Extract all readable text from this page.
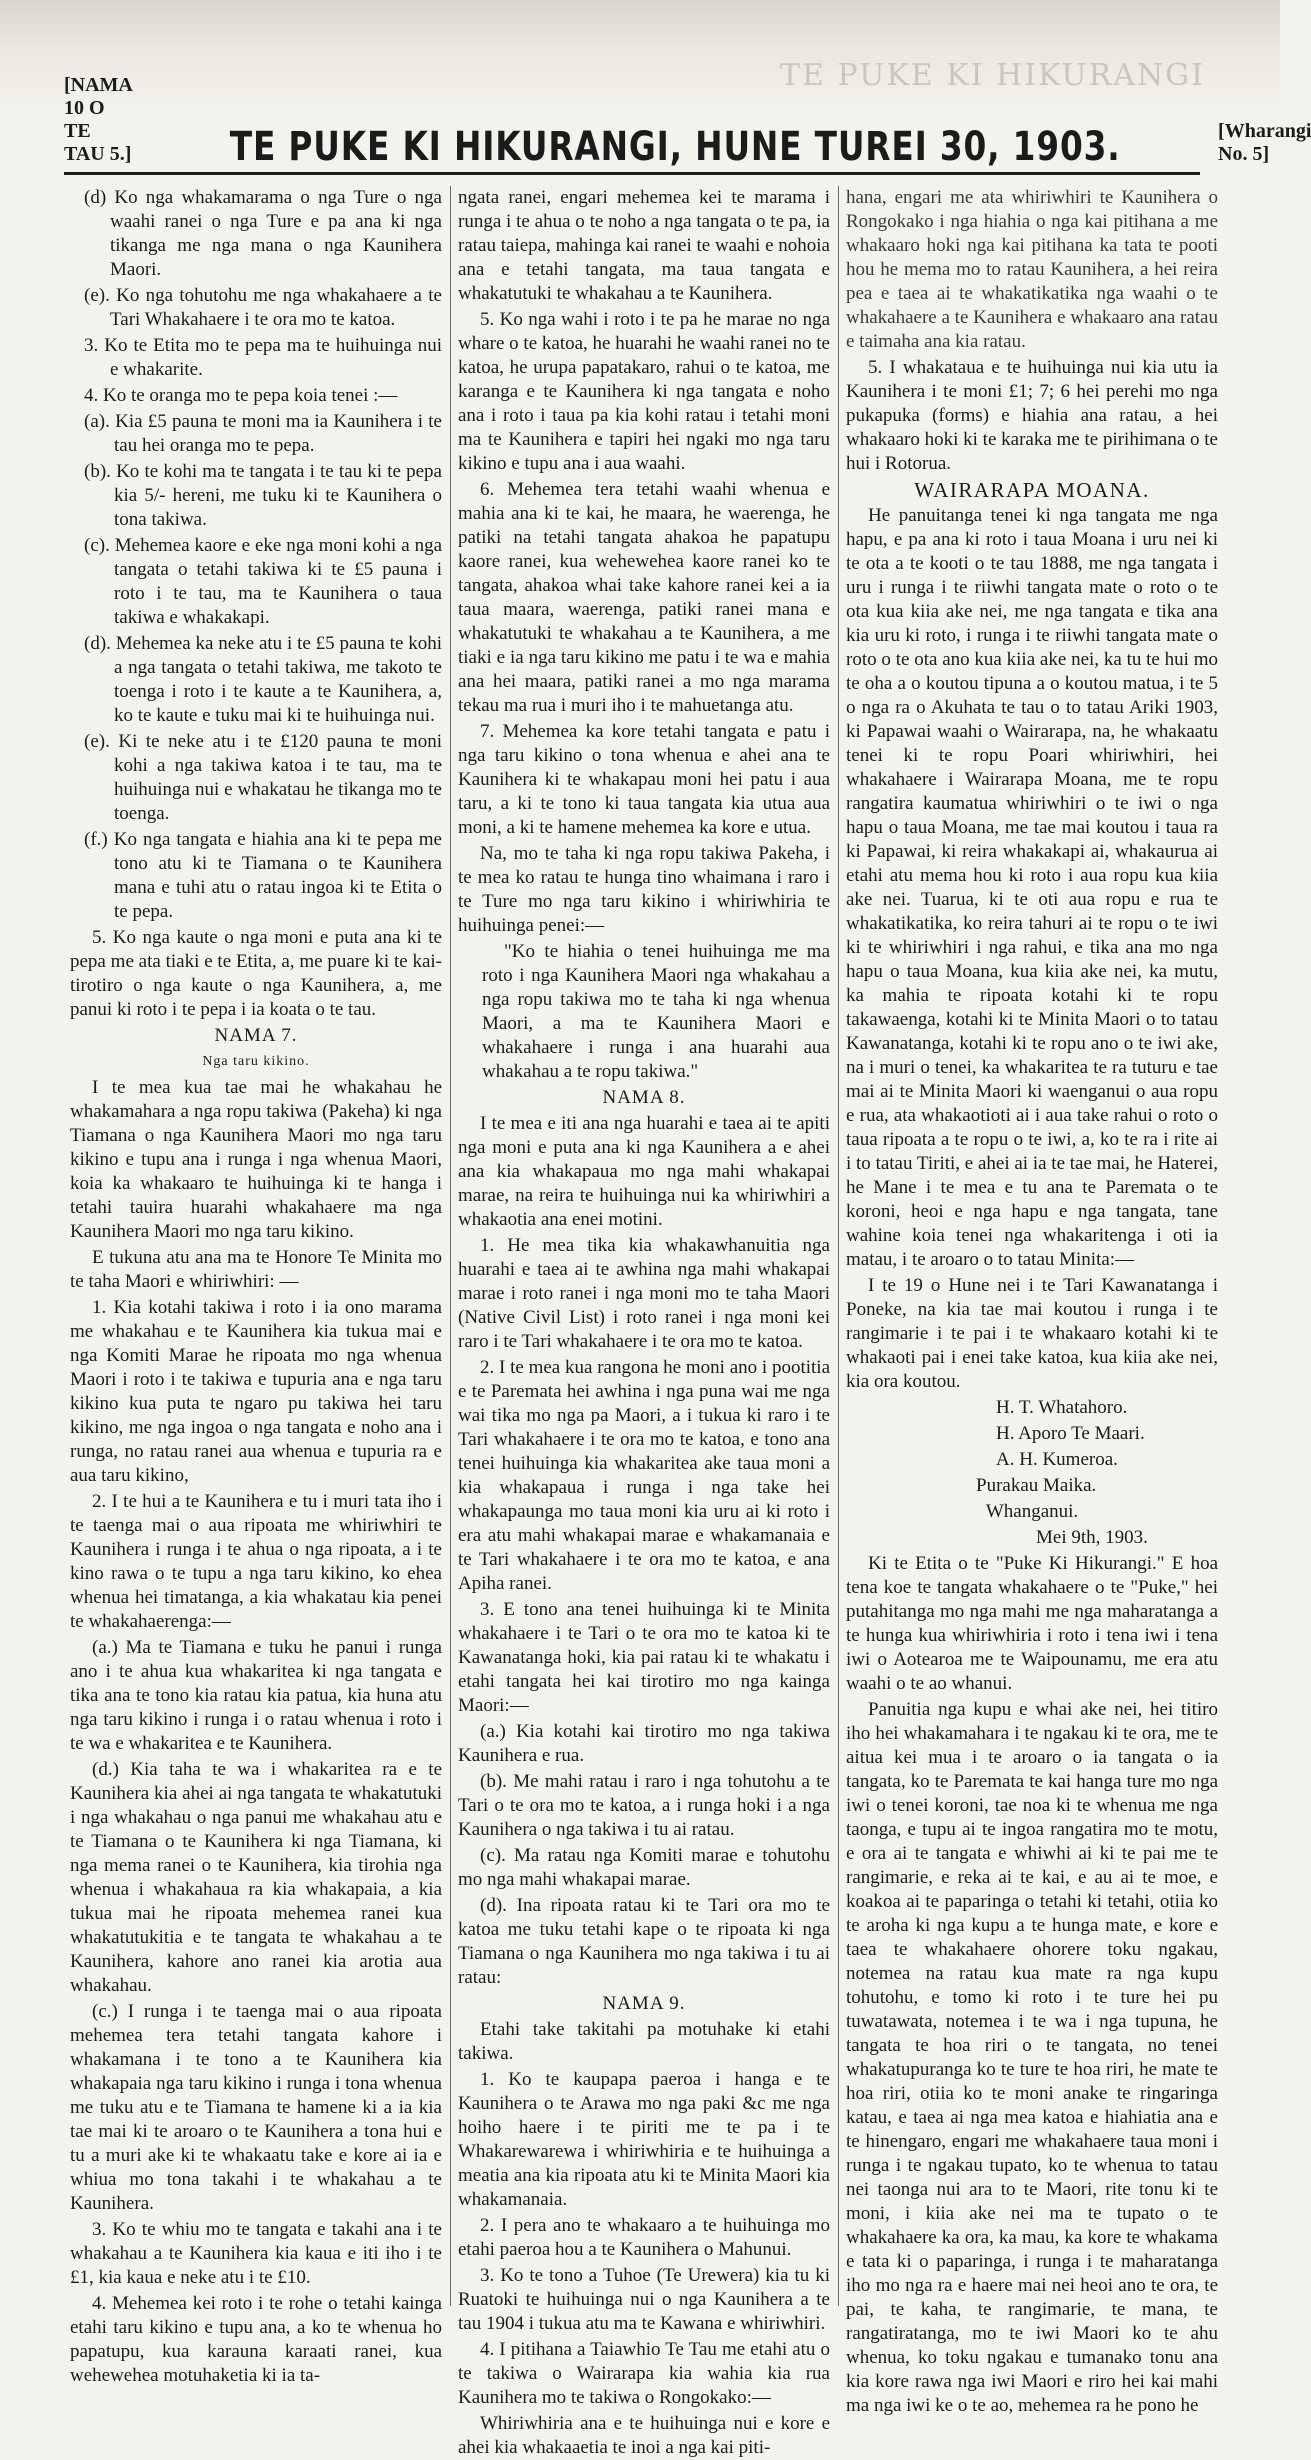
TE PUKE KI HIKURANGI
[NAMA 10 O TE TAU 5.] TE PUKE KI HIKURANGI, HUNE TUREI 30, 1903.	[Wharangi No. 5]

(d) Ko nga whakamarama o nga Ture o nga waahi ranei o nga Ture e pa ana ki nga tikanga me nga mana o nga Kaunihera Maori.

(e). Ko nga tohutohu me nga whakahaere a te Tari Whakahaere i te ora mo te katoa.

3. Ko te Etita mo te pepa ma te huihuinga nui e whakarite.

4. Ko te oranga mo te pepa koia tenei :—

(a). Kia £5 pauna te moni ma ia Kaunihera i te tau hei oranga mo te pepa.

(b). Ko te kohi ma te tangata i te tau ki te pepa kia 5/- hereni, me tuku ki te Kaunihera o tona takiwa.

(c). Mehemea kaore e eke nga moni kohi a nga tangata o tetahi takiwa ki te £5 pauna i roto i te tau, ma te Kaunihera o taua takiwa e whakakapi.

(d). Mehemea ka neke atu i te £5 pauna te kohi a nga tangata o tetahi takiwa, me takoto te toenga i roto i te kaute a te Kaunihera, a, ko te kaute e tuku mai ki te huihuinga nui.

(e). Ki te neke atu i te £120 pauna te moni kohi a nga takiwa katoa i te tau, ma te huihuinga nui e whakatau he tikanga mo te toenga.

(f.) Ko nga tangata e hiahia ana ki te pepa me tono atu ki te Tiamana o te Kaunihera mana e tuhi atu o ratau ingoa ki te Etita o te pepa.

5. Ko nga kaute o nga moni e puta ana ki te pepa me ata tiaki e te Etita, a, me puare ki te kai-tirotiro o nga kaute o nga Kaunihera, a, me panui ki roto i te pepa i ia koata o te tau.

NAMA 7.

Nga taru kikino.

I te mea kua tae mai he whakahau he whakamahara a nga ropu takiwa (Pakeha) ki nga Tiamana o nga Kaunihera Maori mo nga taru kikino e tupu ana i runga i nga whenua Maori, koia ka whakaaro te huihuinga ki te hanga i tetahi tauira huarahi whakahaere ma nga Kaunihera Maori mo nga taru kikino.

E tukuna atu ana ma te Honore Te Minita mo te taha Maori e whiriwhiri: —

1. Kia kotahi takiwa i roto i ia ono marama me whakahau e te Kaunihera kia tukua mai e nga Komiti Marae he ripoata mo nga whenua Maori i roto i te takiwa e tupuria ana e nga taru kikino kua puta te ngaro pu takiwa hei taru kikino, me nga ingoa o nga tangata e noho ana i runga, no ratau ranei aua whenua e tupuria ra e aua taru kikino,

2. I te hui a te Kaunihera e tu i muri tata iho i te taenga mai o aua ripoata me whiriwhiri te Kaunihera i runga i te ahua o nga ripoata, a i te kino rawa o te tupu a nga taru kikino, ko ehea whenua hei timatanga, a kia whakatau kia penei te whakahaerenga:—

(a.) Ma te Tiamana e tuku he panui i runga ano i te ahua kua whakaritea ki nga tangata e tika ana te tono kia ratau kia patua, kia huna atu nga taru kikino i runga i o ratau whenua i roto i te wa e whakaritea e te Kaunihera.

(d.) Kia taha te wa i whakaritea ra e te Kaunihera kia ahei ai nga tangata te whakatutuki i nga whakahau o nga panui me whakahau atu e te Tiamana o te Kaunihera ki nga Tiamana, ki nga mema ranei o te Kaunihera, kia tirohia nga whenua i whakahaua ra kia whakapaia, a kia tukua mai he ripoata mehemea ranei kua whakatutukitia e te tangata te whakahau a te Kaunihera, kahore ano ranei kia arotia aua whakahau.

(c.) I runga i te taenga mai o aua ripoata mehemea tera tetahi tangata kahore i whakamana i te tono a te Kaunihera kia whakapaia nga taru kikino i runga i tona whenua me tuku atu e te Tiamana te hamene ki a ia kia tae mai ki te aroaro o te Kaunihera a tona hui e tu a muri ake ki te whakaatu take e kore ai ia e whiua mo tona takahi i te whakahau a te Kaunihera.

3. Ko te whiu mo te tangata e takahi ana i te whakahau a te Kaunihera kia kaua e iti iho i te £1, kia kaua e neke atu i te £10.

4. Mehemea kei roto i te rohe o tetahi kainga etahi taru kikino e tupu ana, a ko te whenua ho papatupu, kua karauna karaati ranei, kua wehewehea motuhaketia ki ia ta-

ngata ranei, engari mehemea kei te marama i runga i te ahua o te noho a nga tangata o te pa, ia ratau taiepa, mahinga kai ranei te waahi e nohoia ana e tetahi tangata, ma taua tangata e whakatutuki te whakahau a te Kaunihera.

5. Ko nga wahi i roto i te pa he marae no nga whare o te katoa, he huarahi he waahi ranei no te katoa, he urupa papatakaro, rahui o te katoa, me karanga e te Kaunihera ki nga tangata e noho ana i roto i taua pa kia kohi ratau i tetahi moni ma te Kaunihera e tapiri hei ngaki mo nga taru kikino e tupu ana i aua waahi.

6. Mehemea tera tetahi waahi whenua e mahia ana ki te kai, he maara, he waerenga, he patiki na tetahi tangata ahakoa he papatupu kaore ranei, kua wehewehea kaore ranei ko te tangata, ahakoa whai take kahore ranei kei a ia taua maara, waerenga, patiki ranei mana e whakatutuki te whakahau a te Kaunihera, a me tiaki e ia nga taru kikino me patu i te wa e mahia ana hei maara, patiki ranei a mo nga marama tekau ma rua i muri iho i te mahuetanga atu.

7. Mehemea ka kore tetahi tangata e patu i nga taru kikino o tona whenua e ahei ana te Kaunihera ki te whakapau moni hei patu i aua taru, a ki te tono ki taua tangata kia utua aua moni, a ki te hamene mehemea ka kore e utua.

Na, mo te taha ki nga ropu takiwa Pakeha, i te mea ko ratau te hunga tino whaimana i raro i te Ture mo nga taru kikino i whiriwhiria te huihuinga penei:—

"Ko te hiahia o tenei huihuinga me ma roto i nga Kaunihera Maori nga whakahau a nga ropu takiwa mo te taha ki nga whenua Maori, a ma te Kaunihera Maori e whakahaere i runga i ana huarahi aua whakahau a te ropu takiwa."

NAMA 8.

I te mea e iti ana nga huarahi e taea ai te apiti nga moni e puta ana ki nga Kaunihera a e ahei ana kia whakapaua mo nga mahi whakapai marae, na reira te huihuinga nui ka whiriwhiri a whakaotia ana enei motini.

1. He mea tika kia whakawhanuitia nga huarahi e taea ai te awhina nga mahi whakapai marae i roto ranei i nga moni mo te taha Maori (Native Civil List) i roto ranei i nga moni kei raro i te Tari whakahaere i te ora mo te katoa.

2. I te mea kua rangona he moni ano i pootitia e te Paremata hei awhina i nga puna wai me nga wai tika mo nga pa Maori, a i tukua ki raro i te Tari whakahaere i te ora mo te katoa, e tono ana tenei huihuinga kia whakaritea ake taua moni a kia whakapaua i runga i nga take hei whakapaunga mo taua moni kia uru ai ki roto i era atu mahi whakapai marae e whakamanaia e te Tari whakahaere i te ora mo te katoa, e ana Apiha ranei.

3. E tono ana tenei huihuinga ki te Minita whakahaere i te Tari o te ora mo te katoa ki te Kawanatanga hoki, kia pai ratau ki te whakatu i etahi tangata hei kai tirotiro mo nga kainga Maori:—

(a.) Kia kotahi kai tirotiro mo nga takiwa Kaunihera e rua.

(b). Me mahi ratau i raro i nga tohutohu a te Tari o te ora mo te katoa, a i runga hoki i a nga Kaunihera o nga takiwa i tu ai ratau.

(c). Ma ratau nga Komiti marae e tohutohu mo nga mahi whakapai marae.

(d). Ina ripoata ratau ki te Tari ora mo te katoa me tuku tetahi kape o te ripoata ki nga Tiamana o nga Kaunihera mo nga takiwa i tu ai ratau:

NAMA 9.

Etahi take takitahi pa motuhake ki etahi takiwa.

1. Ko te kaupapa paeroa i hanga e te Kaunihera o te Arawa mo nga paki &c me nga hoiho haere i te piriti me te pa i te Whakarewarewa i whiriwhiria e te huihuinga a meatia ana kia ripoata atu ki te Minita Maori kia whakamanaia.

2. I pera ano te whakaaro a te huihuinga mo etahi paeroa hou a te Kaunihera o Mahunui.

3. Ko te tono a Tuhoe (Te Urewera) kia tu ki Ruatoki te huihuinga nui o nga Kaunihera a te tau 1904 i tukua atu ma te Kawana e whiriwhiri.

4. I pitihana a Taiawhio Te Tau me etahi atu o te takiwa o Wairarapa kia wahia kia rua Kaunihera mo te takiwa o Rongokako:—

Whiriwhiria ana e te huihuinga nui e kore e ahei kia whakaaetia te inoi a nga kai piti-

hana, engari me ata whiriwhiri te Kaunihera o Rongokako i nga hiahia o nga kai pitihana a me whakaaro hoki nga kai pitihana ka tata te pooti hou he mema mo to ratau Kaunihera, a hei reira pea e taea ai te whakatikatika nga waahi o te whakahaere a te Kaunihera e whakaaro ana ratau e taimaha ana kia ratau.

5. I whakataua e te huihuinga nui kia utu ia Kaunihera i te moni £1; 7; 6 hei perehi mo nga pukapuka (forms) e hiahia ana ratau, a hei whakaaro hoki ki te karaka me te pirihimana o te hui i Rotorua.

WAIRARAPA MOANA.

He panuitanga tenei ki nga tangata me nga hapu, e pa ana ki roto i taua Moana i uru nei ki te ota a te kooti o te tau 1888, me nga tangata i uru i runga i te riiwhi tangata mate o roto o te ota kua kiia ake nei, me nga tangata e tika ana kia uru ki roto, i runga i te riiwhi tangata mate o roto o te ota ano kua kiia ake nei, ka tu te hui mo te oha a o koutou tipuna a o koutou matua, i te 5 o nga ra o Akuhata te tau o to tatau Ariki 1903, ki Papawai waahi o Wairarapa, na, he whakaatu tenei ki te ropu Poari whiriwhiri, hei whakahaere i Wairarapa Moana, me te ropu rangatira kaumatua whiriwhiri o te iwi o nga hapu o taua Moana, me tae mai koutou i taua ra ki Papawai, ki reira whakakapi ai, whakaurua ai etahi atu mema hou ki roto i aua ropu kua kiia ake nei. Tuarua, ki te oti aua ropu e rua te whakatikatika, ko reira tahuri ai te ropu o te iwi ki te whiriwhiri i nga rahui, e tika ana mo nga hapu o taua Moana, kua kiia ake nei, ka mutu, ka mahia te ripoata kotahi ki te ropu takawaenga, kotahi ki te Minita Maori o to tatau Kawanatanga, kotahi ki te ropu ano o te iwi ake, na i muri o tenei, ka whakaritea te ra tuturu e tae mai ai te Minita Maori ki waenganui o aua ropu e rua, ata whakaotioti ai i aua take rahui o roto o taua ripoata a te ropu o te iwi, a, ko te ra i rite ai i to tatau Tiriti, e ahei ai ia te tae mai, he Haterei, he Mane i te mea e tu ana te Paremata o te koroni, heoi e nga hapu e nga tangata, tane wahine koia tenei nga whakaritenga i oti ia matau, i te aroaro o to tatau Minita:—

I te 19 o Hune nei i te Tari Kawanatanga i Poneke, na kia tae mai koutou i runga i te rangimarie i te pai i te whakaaro kotahi ki te whakaoti pai i enei take katoa, kua kiia ake nei, kia ora koutou.

H. T. Whatahoro.

H. Aporo Te Maari.

A. H. Kumeroa.

Purakau Maika.

Whanganui.

Mei 9th, 1903.

Ki te Etita o te "Puke Ki Hikurangi." E hoa tena koe te tangata whakahaere o te "Puke," hei putahitanga mo nga mahi me nga maharatanga a te hunga kua whiriwhiria i roto i tena iwi i tena iwi o Aotearoa me te Waipounamu, me era atu waahi o te ao whanui.

Panuitia nga kupu e whai ake nei, hei titiro iho hei whakamahara i te ngakau ki te ora, me te aitua kei mua i te aroaro o ia tangata o ia tangata, ko te Paremata te kai hanga ture mo nga iwi o tenei koroni, tae noa ki te whenua me nga taonga, e tupu ai te ingoa rangatira mo te motu, e ora ai te tangata e whiwhi ai ki te pai me te rangimarie, e reka ai te kai, e au ai te moe, e koakoa ai te paparinga o tetahi ki tetahi, otiia ko te aroha ki nga kupu a te hunga mate, e kore e taea te whakahaere ohorere toku ngakau, notemea na ratau kua mate ra nga kupu tohutohu, e tomo ki roto i te ture hei pu tuwatawata, notemea i te wa i nga tupuna, he tangata te hoa riri o te tangata, no tenei whakatupuranga ko te ture te hoa riri, he mate te hoa riri, otiia ko te moni anake te ringaringa katau, e taea ai nga mea katoa e hiahiatia ana e te hinengaro, engari me whakahaere taua moni i runga i te ngakau tupato, ko te whenua to tatau nei taonga nui ara to te Maori, rite tonu ki te moni, i kiia ake nei ma te tupato o te whakahaere ka ora, ka mau, ka kore te whakama e tata ki o paparinga, i runga i te maharatanga iho mo nga ra e haere mai nei heoi ano te ora, te pai, te kaha, te rangimarie, te mana, te rangatiratanga, mo te iwi Maori ko te ahu whenua, ko toku ngakau e tumanako tonu ana kia kore rawa nga iwi Maori e riro hei kai mahi ma nga iwi ke o te ao, mehemea ra he pono he
